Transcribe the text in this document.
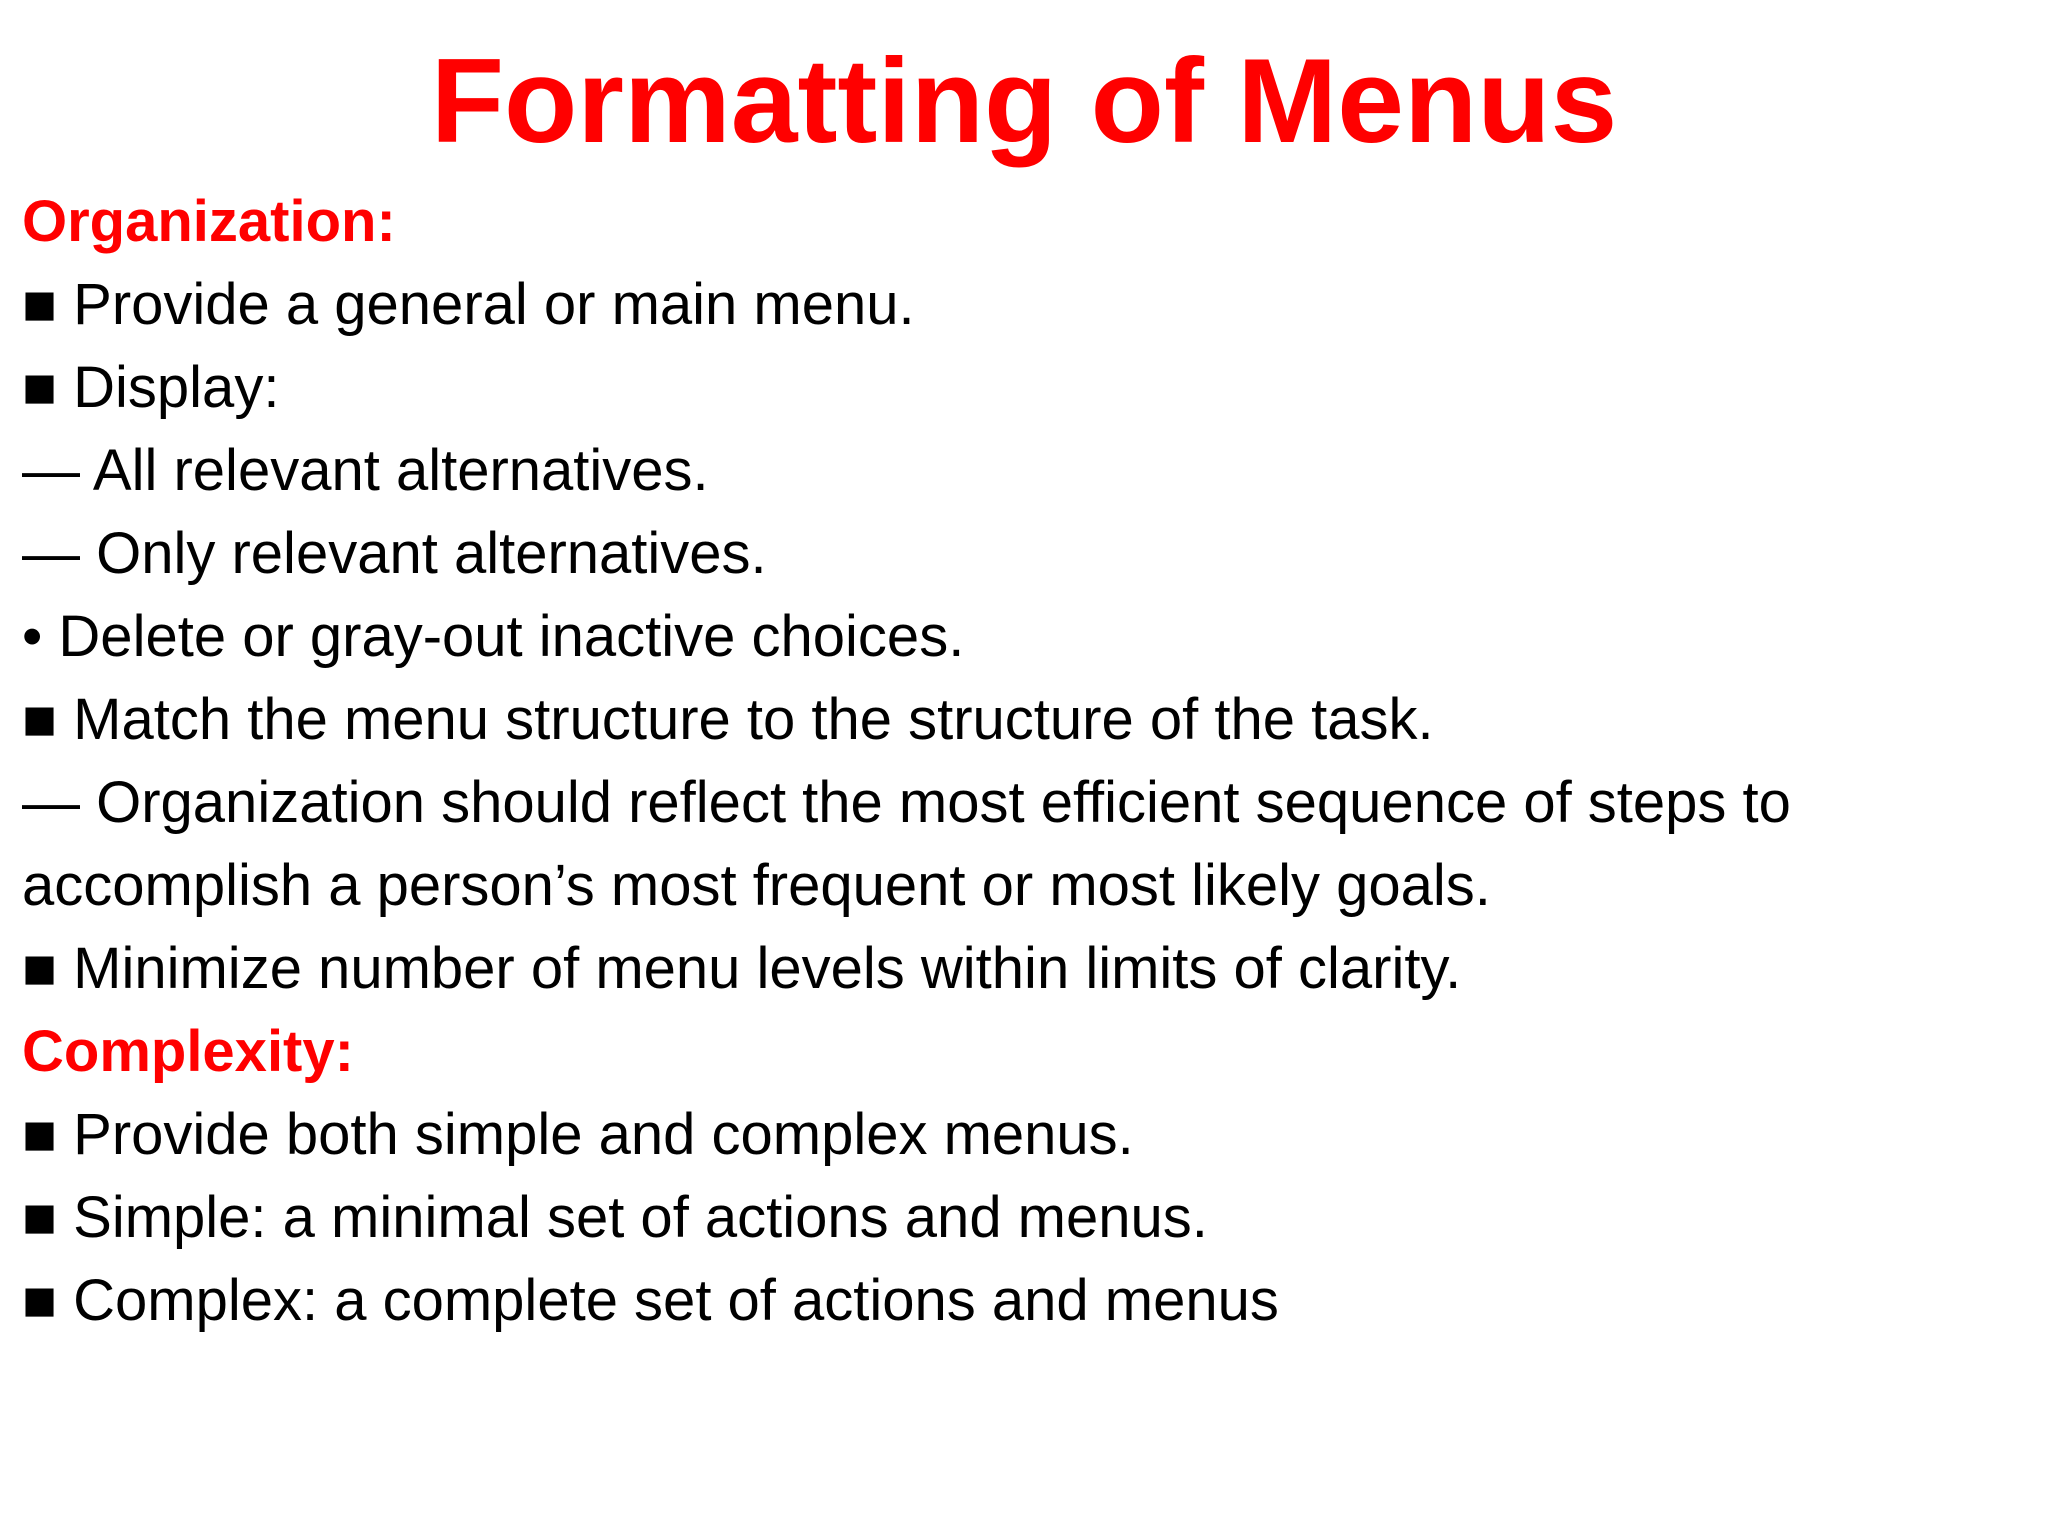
Formatting of Menus

Organization:

■ Provide a general or main menu.

■ Display:

— All relevant alternatives.

— Only relevant alternatives.

• Delete or gray-out inactive choices.

■ Match the menu structure to the structure of the task.

— Organization should reflect the most efficient sequence of steps to

accomplish a person’s most frequent or most likely goals.

■ Minimize number of menu levels within limits of clarity.

Complexity:

■ Provide both simple and complex menus.

■ Simple: a minimal set of actions and menus.

■ Complex: a complete set of actions and menus
